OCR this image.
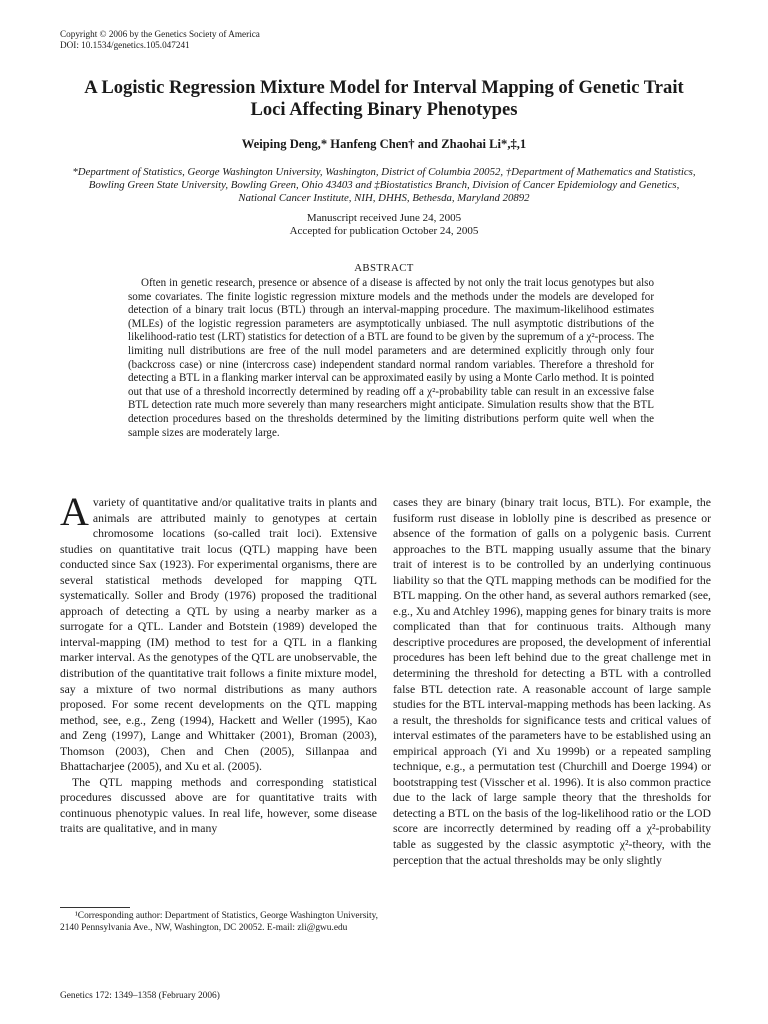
Copyright © 2006 by the Genetics Society of America
DOI: 10.1534/genetics.105.047241
A Logistic Regression Mixture Model for Interval Mapping of Genetic Trait
Loci Affecting Binary Phenotypes
Weiping Deng,* Hanfeng Chen† and Zhaohai Li*,‡,1
*Department of Statistics, George Washington University, Washington, District of Columbia 20052, †Department of Mathematics and Statistics,
Bowling Green State University, Bowling Green, Ohio 43403 and ‡Biostatistics Branch, Division of Cancer Epidemiology and Genetics,
National Cancer Institute, NIH, DHHS, Bethesda, Maryland 20892
Manuscript received June 24, 2005
Accepted for publication October 24, 2005
ABSTRACT
Often in genetic research, presence or absence of a disease is affected by not only the trait locus genotypes but also some covariates. The finite logistic regression mixture models and the methods under the models are developed for detection of a binary trait locus (BTL) through an interval-mapping procedure. The maximum-likelihood estimates (MLEs) of the logistic regression parameters are asymptotically unbiased. The null asymptotic distributions of the likelihood-ratio test (LRT) statistics for detection of a BTL are found to be given by the supremum of a χ²-process. The limiting null distributions are free of the null model parameters and are determined explicitly through only four (backcross case) or nine (intercross case) independent standard normal random variables. Therefore a threshold for detecting a BTL in a flanking marker interval can be approximated easily by using a Monte Carlo method. It is pointed out that use of a threshold incorrectly determined by reading off a χ²-probability table can result in an excessive false BTL detection rate much more severely than many researchers might anticipate. Simulation results show that the BTL detection procedures based on the thresholds determined by the limiting distributions perform quite well when the sample sizes are moderately large.

Avariety of quantitative and/or qualitative traits in plants and animals are attributed mainly to genotypes at certain chromosome locations (so-called trait loci). Extensive studies on quantitative trait locus (QTL) mapping have been conducted since Sax (1923). For experimental organisms, there are several statistical methods developed for mapping QTL systematically. Soller and Brody (1976) proposed the traditional approach of detecting a QTL by using a nearby marker as a surrogate for a QTL. Lander and Botstein (1989) developed the interval-mapping (IM) method to test for a QTL in a flanking marker interval. As the genotypes of the QTL are unobservable, the distribution of the quantitative trait follows a finite mixture model, say a mixture of two normal distributions as many authors proposed. For some recent developments on the QTL mapping method, see, e.g., Zeng (1994), Hackett and Weller (1995), Kao and Zeng (1997), Lange and Whittaker (2001), Broman (2003), Thomson (2003), Chen and Chen (2005), Sillanpaa and Bhattacharjee (2005), and Xu et al. (2005).

The QTL mapping methods and corresponding statistical procedures discussed above are for quantitative traits with continuous phenotypic values. In real life, however, some disease traits are qualitative, and in many

cases they are binary (binary trait locus, BTL). For example, the fusiform rust disease in loblolly pine is described as presence or absence of the formation of galls on a polygenic basis. Current approaches to the BTL mapping usually assume that the binary trait of interest is to be controlled by an underlying continuous liability so that the QTL mapping methods can be modified for the BTL mapping. On the other hand, as several authors remarked (see, e.g., Xu and Atchley 1996), mapping genes for binary traits is more complicated than that for continuous traits. Although many descriptive procedures are proposed, the development of inferential procedures has been left behind due to the great challenge met in determining the threshold for detecting a BTL with a controlled false BTL detection rate. A reasonable account of large sample studies for the BTL interval-mapping methods has been lacking. As a result, the thresholds for significance tests and critical values of interval estimates of the parameters have to be established using an empirical approach (Yi and Xu 1999b) or a repeated sampling technique, e.g., a permutation test (Churchill and Doerge 1994) or bootstrapping test (Visscher et al. 1996). It is also common practice due to the lack of large sample theory that the thresholds for detecting a BTL on the basis of the log-likelihood ratio or the LOD score are incorrectly determined by reading off a χ²-probability table as suggested by the classic asymptotic χ²-theory, with the perception that the actual thresholds may be only slightly

¹Corresponding author: Department of Statistics, George Washington University, 2140 Pennsylvania Ave., NW, Washington, DC 20052. E-mail: zli@gwu.edu
Genetics 172: 1349–1358 (February 2006)
